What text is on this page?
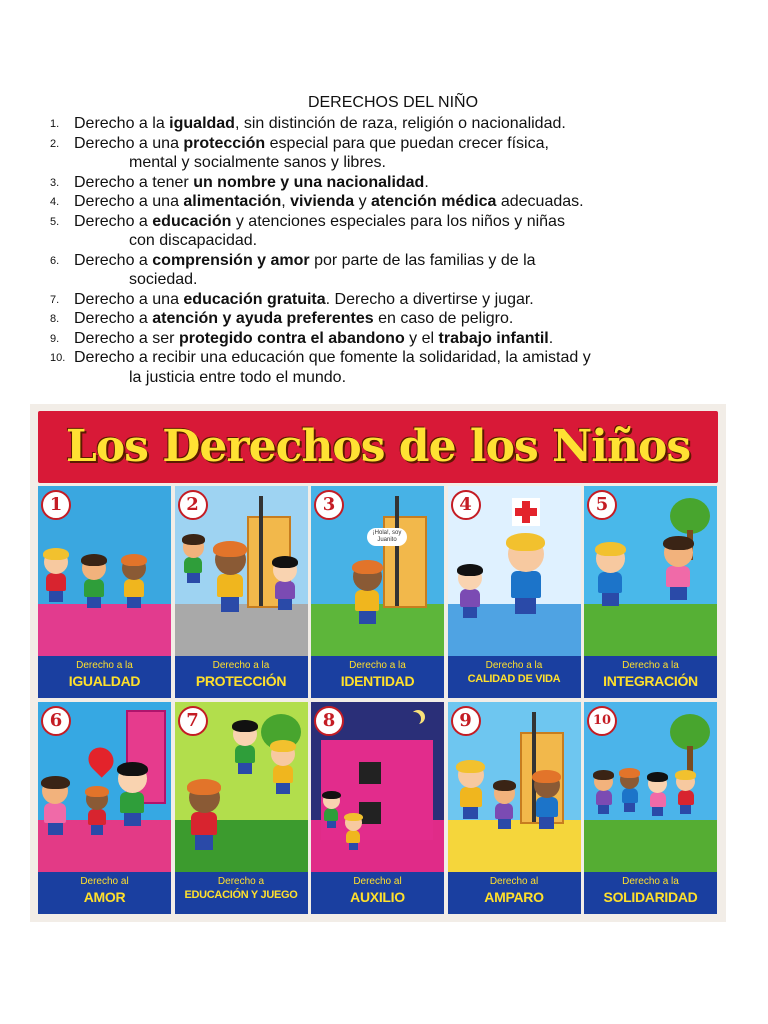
DERECHOS DEL NIÑO
1. Derecho a la igualdad, sin distinción de raza, religión o nacionalidad.
2. Derecho a una protección especial para que puedan crecer física,
mental y socialmente sanos y libres.
3. Derecho a tener un nombre y una nacionalidad.
4. Derecho a una alimentación, vivienda y atención médica adecuadas.
5. Derecho a educación y atenciones especiales para los niños y niñas
con discapacidad.
6. Derecho a comprensión y amor por parte de las familias y de la
sociedad.
7. Derecho a una educación gratuita. Derecho a divertirse y jugar.
8. Derecho a atención y ayuda preferentes en caso de peligro.
9. Derecho a ser protegido contra el abandono y el trabajo infantil.
10. Derecho a recibir una educación que fomente la solidaridad, la amistad y
la justicia entre todo el mundo.
Los Derechos de los Niños
1
Derecho a la
IGUALDAD
2
Derecho a la
PROTECCIÓN
¡Hola!, soy Juanito
3
Derecho a la
IDENTIDAD
4
Derecho a la
CALIDAD DE VIDA
5
Derecho a la
INTEGRACIÓN
6
Derecho al
AMOR
7
Derecho a
EDUCACIÓN Y JUEGO
8
Derecho al
AUXILIO
9
Derecho al
AMPARO
10
Derecho a la
SOLIDARIDAD
